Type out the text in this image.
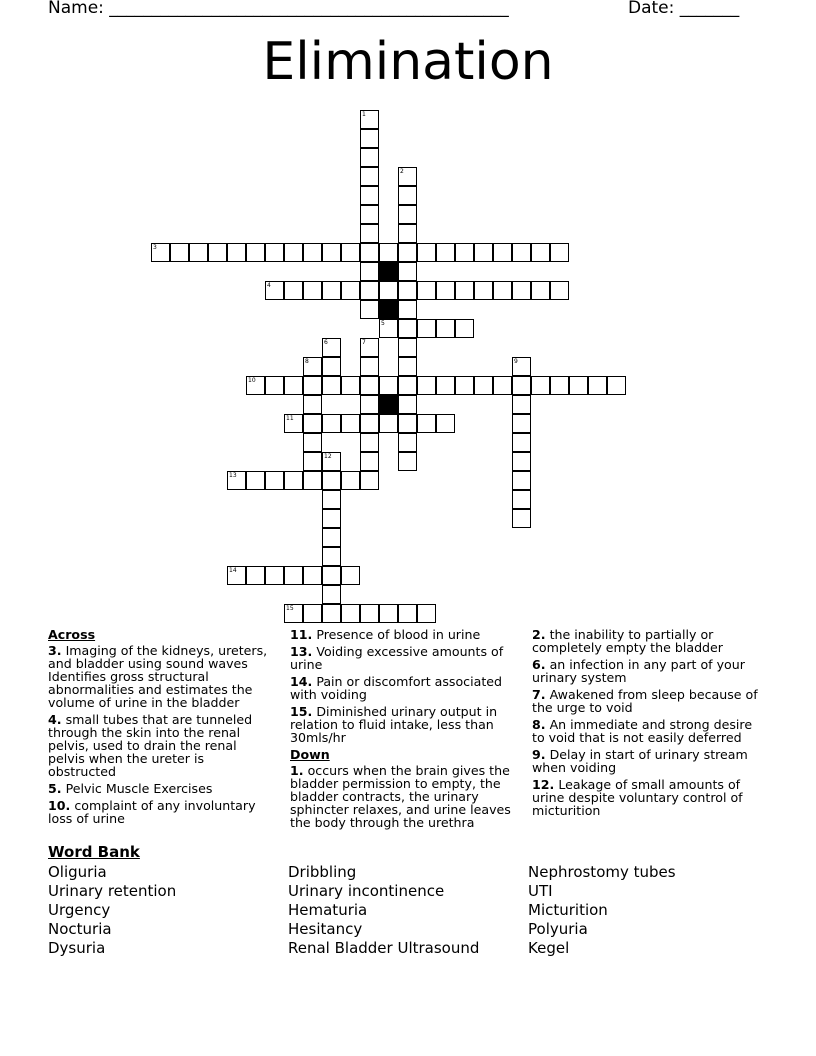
Name: _______________________________________________	Date: _______
Elimination
1
2
3
4
5
6	7
8	9
10
11
12
13
14
15
Across
3. Imaging of the kidneys, ureters, and bladder using sound waves Identifies gross structural abnormalities and estimates the volume of urine in the bladder
4. small tubes that are tunneled through the skin into the renal pelvis, used to drain the renal pelvis when the ureter is obstructed
5. Pelvic Muscle Exercises
10. complaint of any involuntary loss of urine
11. Presence of blood in urine
13. Voiding excessive amounts of urine
14. Pain or discomfort associated with voiding
15. Diminished urinary output in relation to fluid intake, less than 30mls/hr
Down
1. occurs when the brain gives the bladder permission to empty, the bladder contracts, the urinary sphincter relaxes, and urine leaves the body through the urethra
2. the inability to partially or completely empty the bladder
6. an infection in any part of your urinary system
7. Awakened from sleep because of the urge to void
8. An immediate and strong desire to void that is not easily deferred
9. Delay in start of urinary stream when voiding
12. Leakage of small amounts of urine despite voluntary control of micturition
Word Bank
Oliguria
Urinary retention
Urgency
Nocturia
Dysuria
Dribbling
Urinary incontinence
Hematuria
Hesitancy
Renal Bladder Ultrasound
Nephrostomy tubes
UTI
Micturition
Polyuria
Kegel
